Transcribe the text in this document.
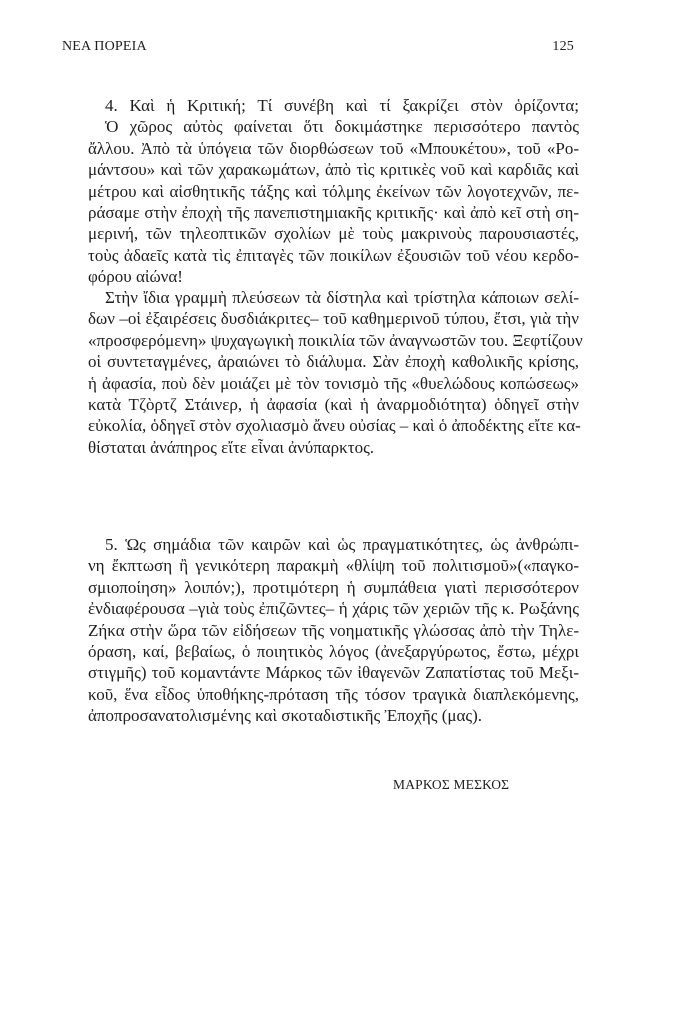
ΝΕΑ ΠΟΡΕΙΑ	125
4. Καὶ ἡ Κριτική; Τί συνέβη καὶ τί ξακρίζει στὸν ὁρίζοντα;
Ὁ χῶρος αὐτὸς φαίνεται ὅτι δοκιμάστηκε περισσότερο παντὸς
ἄλλου. Ἀπὸ τὰ ὑπόγεια τῶν διορθώσεων τοῦ «Μπουκέτου», τοῦ «Ρο-
μάντσου» καὶ τῶν χαρακωμάτων, ἀπὸ τὶς κριτικὲς νοῦ καὶ καρδιᾶς καὶ
μέτρου καὶ αἰσθητικῆς τάξης καὶ τόλμης ἐκείνων τῶν λογοτεχνῶν, πε-
ράσαμε στὴν ἐποχὴ τῆς πανεπιστημιακῆς κριτικῆς· καὶ ἀπὸ κεῖ στὴ ση-
μερινή, τῶν τηλεοπτικῶν σχολίων μὲ τοὺς μακρινοὺς παρουσιαστές,
τοὺς ἀδαεῖς κατὰ τὶς ἐπιταγὲς τῶν ποικίλων ἐξουσιῶν τοῦ νέου κερδο-
φόρου αἰώνα!
Στὴν ἴδια γραμμὴ πλεύσεων τὰ δίστηλα καὶ τρίστηλα κάποιων σελί-
δων –οἱ ἐξαιρέσεις δυσδιάκριτες– τοῦ καθημερινοῦ τύπου, ἔτσι, γιὰ τὴν
«προσφερόμενη» ψυχαγωγικὴ ποικιλία τῶν ἀναγνωστῶν του. Ξεφτίζουν
οἱ συντεταγμένες, ἀραιώνει τὸ διάλυμα. Σὰν ἐποχὴ καθολικῆς κρίσης,
ἡ ἀφασία, ποὺ δὲν μοιάζει μὲ τὸν τονισμὸ τῆς «θυελώδους κοπώσεως»
κατὰ Τζὸρτζ Στάινερ, ἡ ἀφασία (καὶ ἡ ἀναρμοδιότητα) ὁδηγεῖ στὴν
εὐκολία, ὁδηγεῖ στὸν σχολιασμὸ ἄνευ οὐσίας – καὶ ὁ ἀποδέκτης εἴτε κα-
θίσταται ἀνάπηρος εἴτε εἶναι ἀνύπαρκτος.
5. Ὡς σημάδια τῶν καιρῶν καὶ ὡς πραγματικότητες, ὡς ἀνθρώπι-
νη ἔκπτωση ἢ γενικότερη παρακμὴ «θλίψη τοῦ πολιτισμοῦ»(«παγκο-
σμιοποίηση» λοιπόν;), προτιμότερη ἡ συμπάθεια γιατὶ περισσότερον
ἐνδιαφέρουσα –γιὰ τοὺς ἐπιζῶντες– ἡ χάρις τῶν χεριῶν τῆς κ. Ρωξάνης
Ζήκα στὴν ὥρα τῶν εἰδήσεων τῆς νοηματικῆς γλώσσας ἀπὸ τὴν Τηλε-
όραση, καί, βεβαίως, ὁ ποιητικὸς λόγος (ἀνεξαργύρωτος, ἔστω, μέχρι
στιγμῆς) τοῦ κομαντάντε Μάρκος τῶν ἰθαγενῶν Ζαπατίστας τοῦ Μεξι-
κοῦ, ἕνα εἶδος ὑποθήκης-πρόταση τῆς τόσον τραγικὰ διαπλεκόμενης,
ἀποπροσανατολισμένης καὶ σκοταδιστικῆς Ἐποχῆς (μας).
ΜΑΡΚΟΣ ΜΕΣΚΟΣ
